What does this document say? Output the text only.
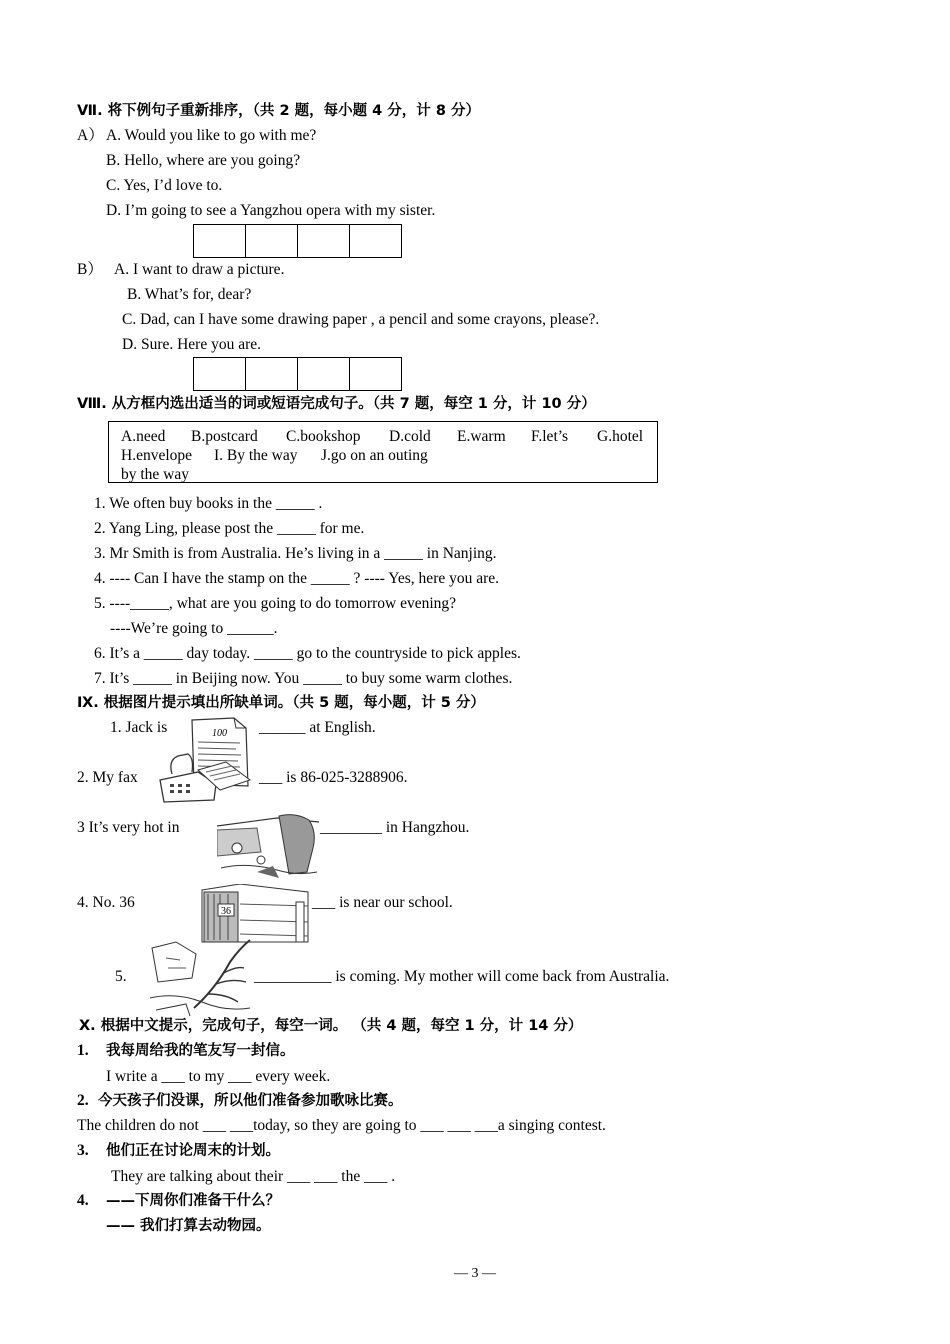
Ⅶ. 将下例句子重新排序，（共 2 题，每小题 4 分，计 8 分）
A） A. Would you like to go with me?
B. Hello, where are you going?
C. Yes, I’d love to.
D. I’m going to see a Yangzhou opera with my sister.
B） A. I want to draw a picture.
B. What’s for, dear?
C. Dad, can I have some drawing paper , a pencil and some crayons, please?.
D. Sure. Here you are.
Ⅷ. 从方框内选出适当的词或短语完成句子。（共 7 题，每空 1 分，计 10 分）
A.need B.postcard C.bookshop D.cold E.warm F.let’s G.hotel
H.envelope I. By the way J.go on an outing
by the way
1. We often buy books in the _____ .
2. Yang Ling, please post the _____ for me.
3. Mr Smith is from Australia. He’s living in a _____ in Nanjing.
4. ---- Can I have the stamp on the _____ ? ---- Yes, here you are.
5. ----_____, what are you going to do tomorrow evening?
----We’re going to ______.
6. It’s a _____ day today. _____ go to the countryside to pick apples.
7. It’s _____ in Beijing now. You _____ to buy some warm clothes.
Ⅸ. 根据图片提示填出所缺单词。（共 5 题，每小题，计 5 分）
1. Jack is	100 ______ at English.
2. My fax	___ is 86-025-3288906.
3 It’s very hot in	________ in Hangzhou.
4. No. 36
36
___ is near our school.
5.	__________ is coming. My mother will come back from Australia.
Ⅹ. 根据中文提示，完成句子，每空一词。 （共 4 题，每空 1 分，计 14 分）
1. 我每周给我的笔友写一封信。
I write a ___ to my ___ every week.
2. 今天孩子们没课，所以他们准备参加歌咏比赛。
The children do not ___ ___today, so they are going to ___ ___ ___a singing contest.
3. 他们正在讨论周末的计划。
They are talking about their ___ ___ the ___ .
4. ——下周你们准备干什么？
—— 我们打算去动物园。
— 3 —
